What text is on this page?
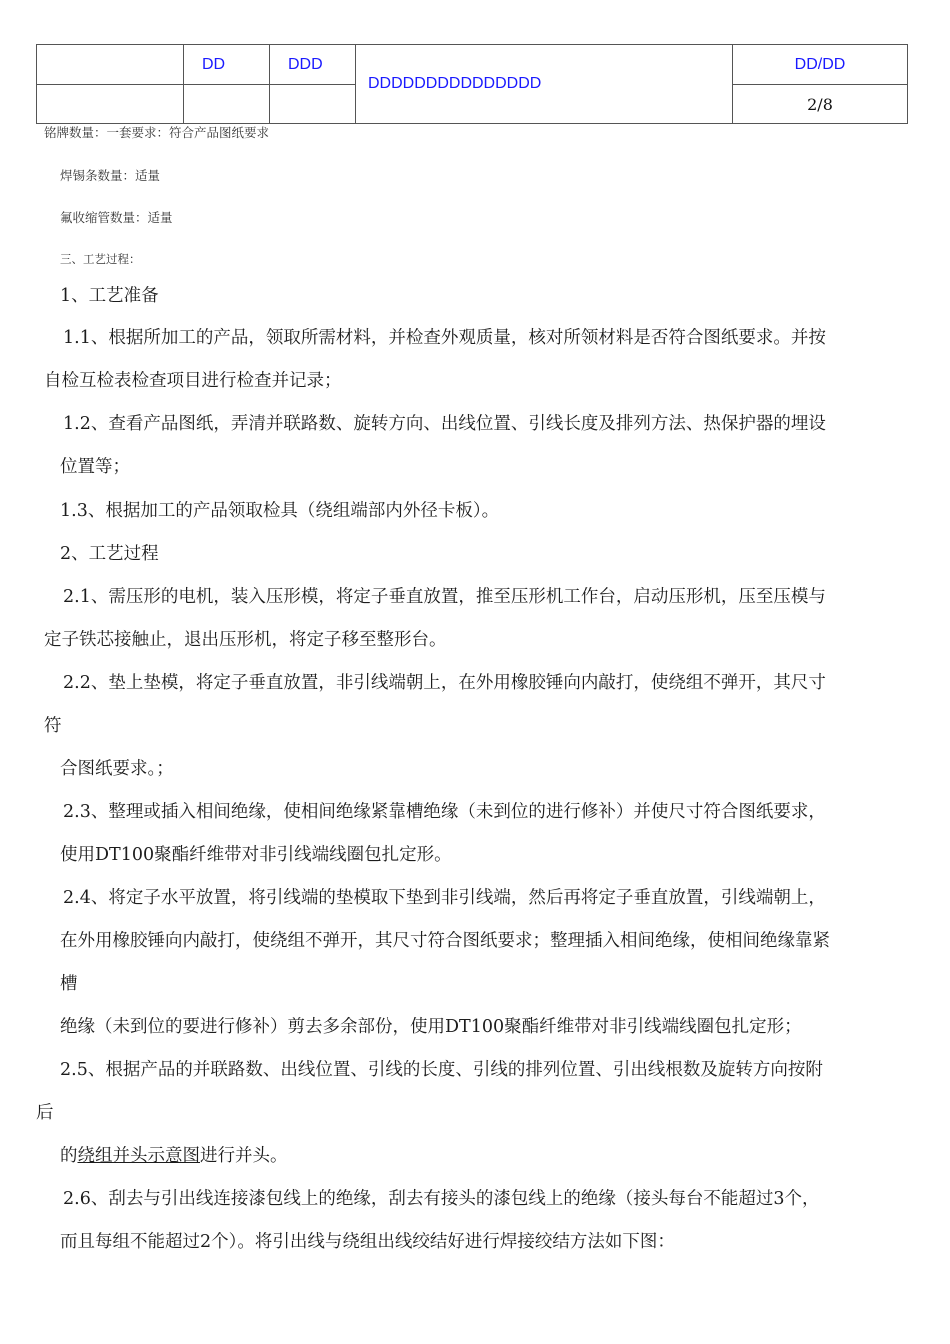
	DD	DDD	DDDDDDDDDDDDDDD	DD/DD
				2/8
铭牌数量：一套要求：符合产品图纸要求
焊锡条数量：适量
氟收缩管数量：适量
三、工艺过程：
1、工艺准备
1.1、根据所加工的产品，领取所需材料，并检查外观质量，核对所领材料是否符合图纸要求。并按
自检互检表检查项目进行检查并记录；
1.2、查看产品图纸，弄清并联路数、旋转方向、出线位置、引线长度及排列方法、热保护器的埋设
位置等；
1.3、根据加工的产品领取检具（绕组端部内外径卡板）。
2、工艺过程
2.1、需压形的电机，装入压形模，将定子垂直放置，推至压形机工作台，启动压形机，压至压模与
定子铁芯接触止，退出压形机，将定子移至整形台。
2.2、垫上垫模，将定子垂直放置，非引线端朝上，在外用橡胶锤向内敲打，使绕组不弹开，其尺寸
符
合图纸要求。；
2.3、整理或插入相间绝缘，使相间绝缘紧靠槽绝缘（未到位的进行修补）并使尺寸符合图纸要求，
使用DT100聚酯纤维带对非引线端线圈包扎定形。
2.4、将定子水平放置，将引线端的垫模取下垫到非引线端，然后再将定子垂直放置，引线端朝上，
在外用橡胶锤向内敲打，使绕组不弹开，其尺寸符合图纸要求；整理插入相间绝缘，使相间绝缘靠紧
槽
绝缘（未到位的要进行修补）剪去多余部份，使用DT100聚酯纤维带对非引线端线圈包扎定形；
2.5、根据产品的并联路数、出线位置、引线的长度、引线的排列位置、引出线根数及旋转方向按附
后
的绕组并头示意图进行并头。
2.6、刮去与引出线连接漆包线上的绝缘，刮去有接头的漆包线上的绝缘（接头每台不能超过3个，
而且每组不能超过2个）。将引出线与绕组出线绞结好进行焊接绞结方法如下图：
